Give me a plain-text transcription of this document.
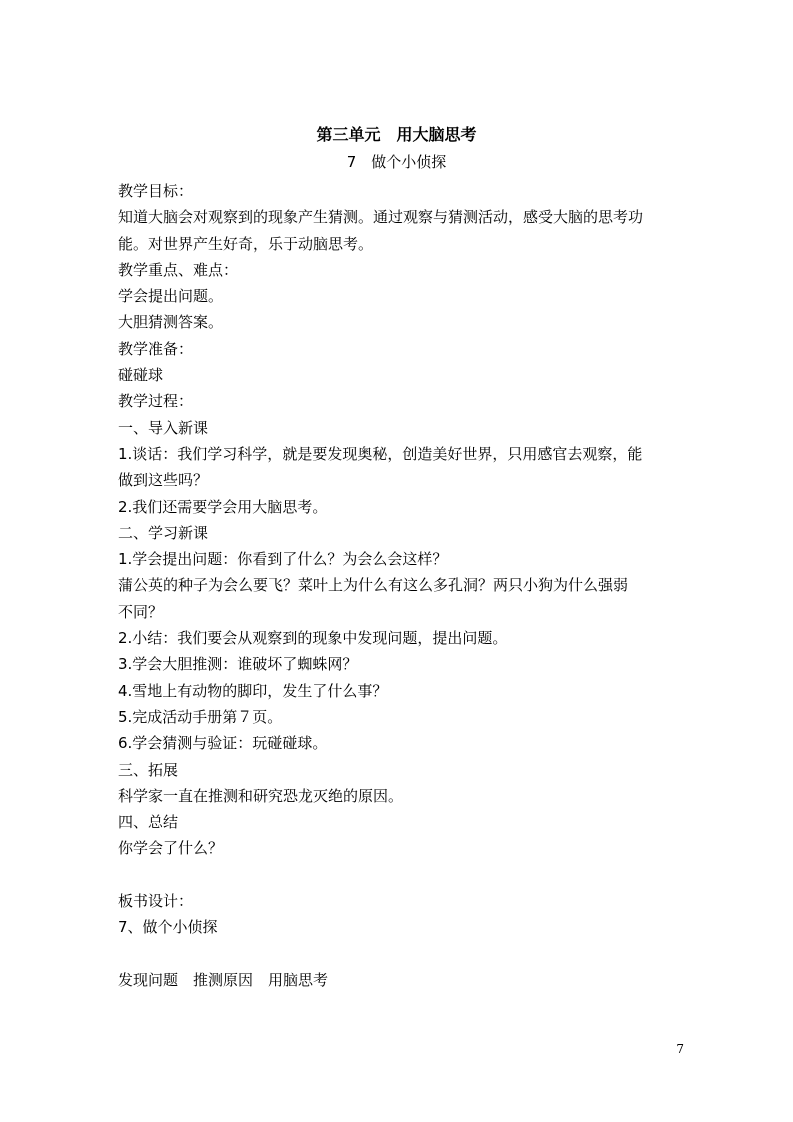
第三单元　用大脑思考
7　做个小侦探
教学目标：
知道大脑会对观察到的现象产生猜测。通过观察与猜测活动，感受大脑的思考功
能。对世界产生好奇，乐于动脑思考。
教学重点、难点：
学会提出问题。
大胆猜测答案。
教学准备：
碰碰球
教学过程：
一、导入新课
1.谈话：我们学习科学，就是要发现奥秘，创造美好世界，只用感官去观察，能
做到这些吗？
2.我们还需要学会用大脑思考。
二、学习新课
1.学会提出问题：你看到了什么？为会么会这样？
蒲公英的种子为会么要飞？菜叶上为什么有这么多孔洞？两只小狗为什么强弱
不同？
2.小结：我们要会从观察到的现象中发现问题，提出问题。
3.学会大胆推测：谁破坏了蜘蛛网？
4.雪地上有动物的脚印，发生了什么事？
5.完成活动手册第７页。
6.学会猜测与验证：玩碰碰球。
三、拓展
科学家一直在推测和研究恐龙灭绝的原因。
四、总结
你学会了什么？
板书设计：
7、做个小侦探
发现问题　推测原因　用脑思考
7
